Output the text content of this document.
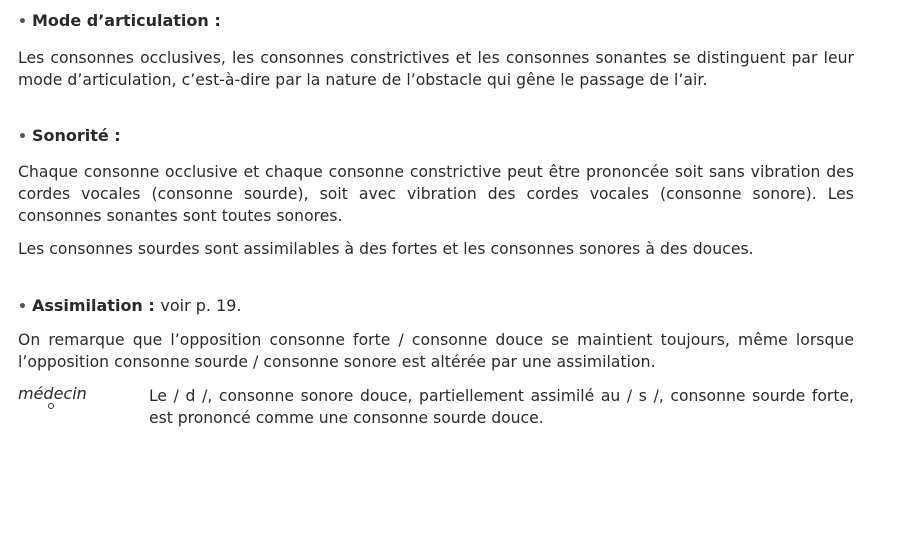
• Mode d’articulation :

Les consonnes occlusives, les consonnes constrictives et les consonnes sonantes se distinguent par leur mode d’articulation, c’est-à-dire par la nature de l’obstacle qui gêne le passage de l’air.

• Sonorité :

Chaque consonne occlusive et chaque consonne constrictive peut être prononcée soit sans vibration des cordes vocales (consonne sourde), soit avec vibration des cordes vocales (consonne sonore). Les consonnes sonantes sont toutes sonores.

Les consonnes sourdes sont assimilables à des fortes et les consonnes sonores à des douces.

• Assimilation : voir p. 19.

On remarque que l’opposition consonne forte / consonne douce se maintient toujours, même lorsque l’opposition consonne sourde / consonne sonore est altérée par une assimilation.

médecin	Le / d /, consonne sonore douce, partiellement assimilé au / s /, consonne sourde forte, est prononcé comme une consonne sourde douce.
